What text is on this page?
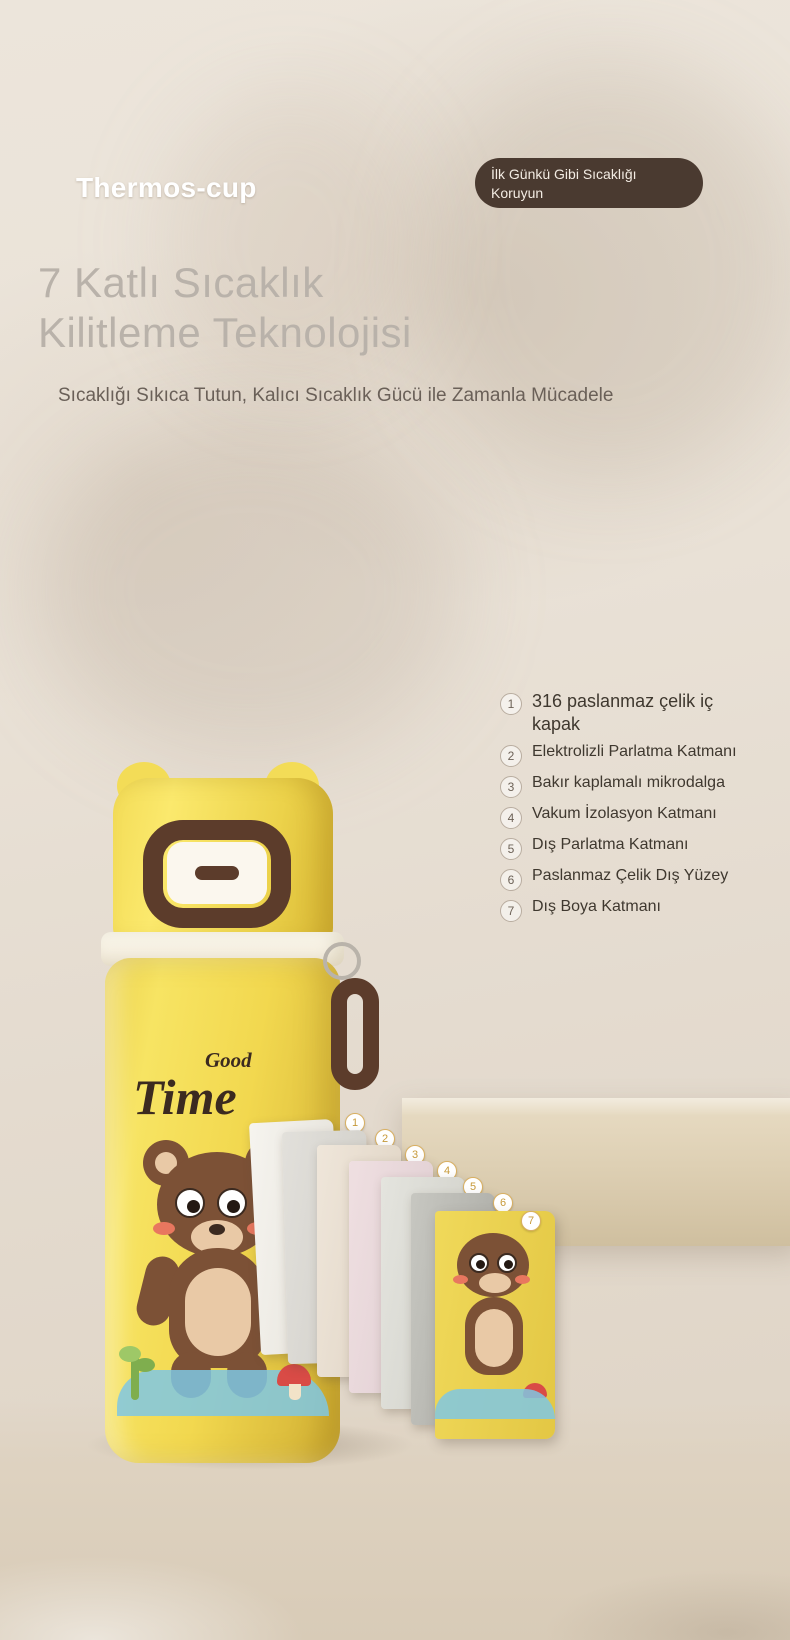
Thermos-cup	İlk Günkü Gibi Sıcaklığı Koruyun
7 Katlı Sıcaklık
Kilitleme Teknolojisi
Sıcaklığı Sıkıca Tutun, Kalıcı Sıcaklık Gücü ile Zamanla Mücadele
1 316 paslanmaz çelik iç kapak
2	Elektrolizli Parlatma Katmanı
3	Bakır kaplamalı mikrodalga
4	Vakum İzolasyon Katmanı
5	Dış Parlatma Katmanı
6	Paslanmaz Çelik Dış Yüzey
7	Dış Boya Katmanı
Good
Time	1
2
3
4
5
6
7
